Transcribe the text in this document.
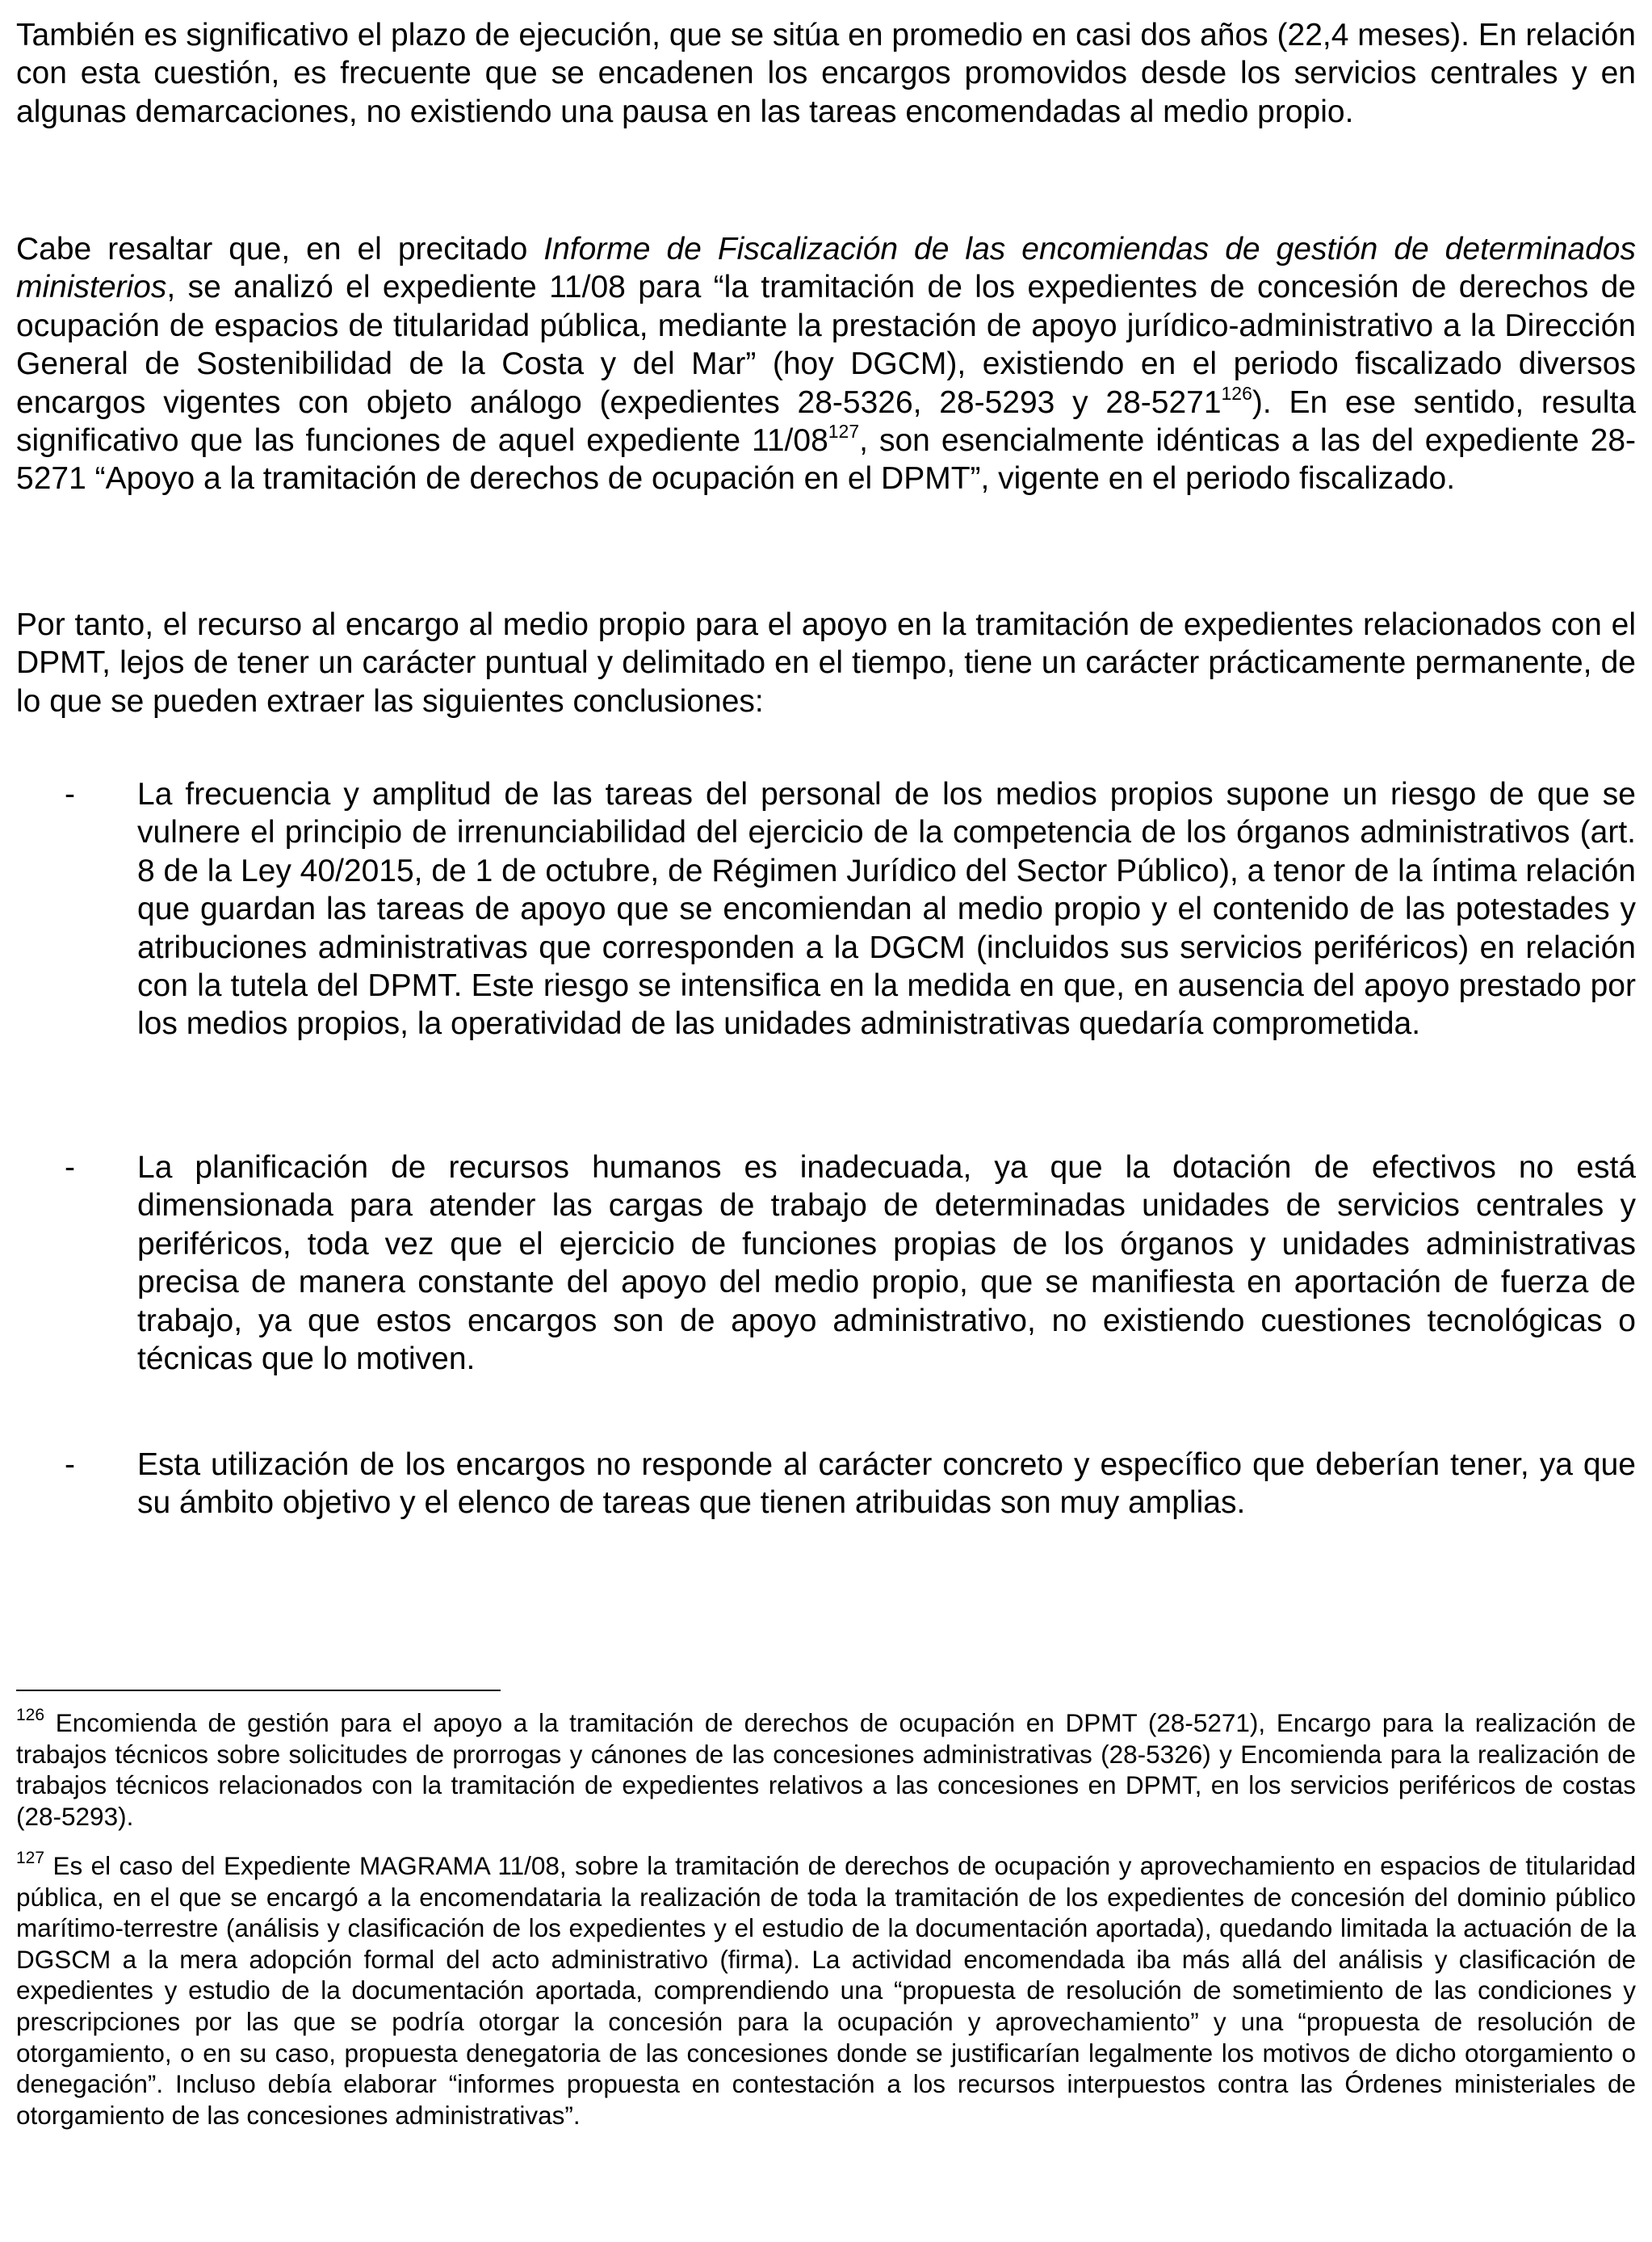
También es significativo el plazo de ejecución, que se sitúa en promedio en casi dos años (22,4 meses). En relación con esta cuestión, es frecuente que se encadenen los encargos promovidos desde los servicios centrales y en algunas demarcaciones, no existiendo una pausa en las tareas encomendadas al medio propio.

Cabe resaltar que, en el precitado Informe de Fiscalización de las encomiendas de gestión de determinados ministerios, se analizó el expediente 11/08 para “la tramitación de los expedientes de concesión de derechos de ocupación de espacios de titularidad pública, mediante la prestación de apoyo jurídico-administrativo a la Dirección General de Sostenibilidad de la Costa y del Mar” (hoy DGCM), existiendo en el periodo fiscalizado diversos encargos vigentes con objeto análogo (expedientes 28-5326, 28-5293 y 28-5271$^{126}$). En ese sentido, resulta significativo que las funciones de aquel expediente $11/08^{127}$, son esencialmente idénticas a las del expediente 28-5271 “Apoyo a la tramitación de derechos de ocupación en el DPMT”, vigente en el periodo fiscalizado.

Por tanto, el recurso al encargo al medio propio para el apoyo en la tramitación de expedientes relacionados con el DPMT, lejos de tener un carácter puntual y delimitado en el tiempo, tiene un carácter prácticamente permanente, de lo que se pueden extraer las siguientes conclusiones:

- La frecuencia y amplitud de las tareas del personal de los medios propios supone un riesgo de que se vulnere el principio de irrenunciabilidad del ejercicio de la competencia de los órganos administrativos (art. 8 de la Ley 40/2015, de 1 de octubre, de Régimen Jurídico del Sector Público), a tenor de la íntima relación que guardan las tareas de apoyo que se encomiendan al medio propio y el contenido de las potestades y atribuciones administrativas que corresponden a la DGCM (incluidos sus servicios periféricos) en relación con la tutela del DPMT. Este riesgo se intensifica en la medida en que, en ausencia del apoyo prestado por los medios propios, la operatividad de las unidades administrativas quedaría comprometida.

- La planificación de recursos humanos es inadecuada, ya que la dotación de efectivos no está dimensionada para atender las cargas de trabajo de determinadas unidades de servicios centrales y periféricos, toda vez que el ejercicio de funciones propias de los órganos y unidades administrativas precisa de manera constante del apoyo del medio propio, que se manifiesta en aportación de fuerza de trabajo, ya que estos encargos son de apoyo administrativo, no existiendo cuestiones tecnológicas o técnicas que lo motiven.

- Esta utilización de los encargos no responde al carácter concreto y específico que deberían tener, ya que su ámbito objetivo y el elenco de tareas que tienen atribuidas son muy amplias.

$^{126}$ Encomienda de gestión para el apoyo a la tramitación de derechos de ocupación en DPMT (28-5271), Encargo para la realización de trabajos técnicos sobre solicitudes de prorrogas y cánones de las concesiones administrativas (28-5326) y Encomienda para la realización de trabajos técnicos relacionados con la tramitación de expedientes relativos a las concesiones en DPMT, en los servicios periféricos de costas (28-5293).

$^{127}$ Es el caso del Expediente MAGRAMA 11/08, sobre la tramitación de derechos de ocupación y aprovechamiento en espacios de titularidad pública, en el que se encargó a la encomendataria la realización de toda la tramitación de los expedientes de concesión del dominio público marítimo-terrestre (análisis y clasificación de los expedientes y el estudio de la documentación aportada), quedando limitada la actuación de la DGSCM a la mera adopción formal del acto administrativo (firma). La actividad encomendada iba más allá del análisis y clasificación de expedientes y estudio de la documentación aportada, comprendiendo una “propuesta de resolución de sometimiento de las condiciones y prescripciones por las que se podría otorgar la concesión para la ocupación y aprovechamiento” y una “propuesta de resolución de otorgamiento, o en su caso, propuesta denegatoria de las concesiones donde se justificarían legalmente los motivos de dicho otorgamiento o denegación”. Incluso debía elaborar “informes propuesta en contestación a los recursos interpuestos contra las Órdenes ministeriales de otorgamiento de las concesiones administrativas”.
